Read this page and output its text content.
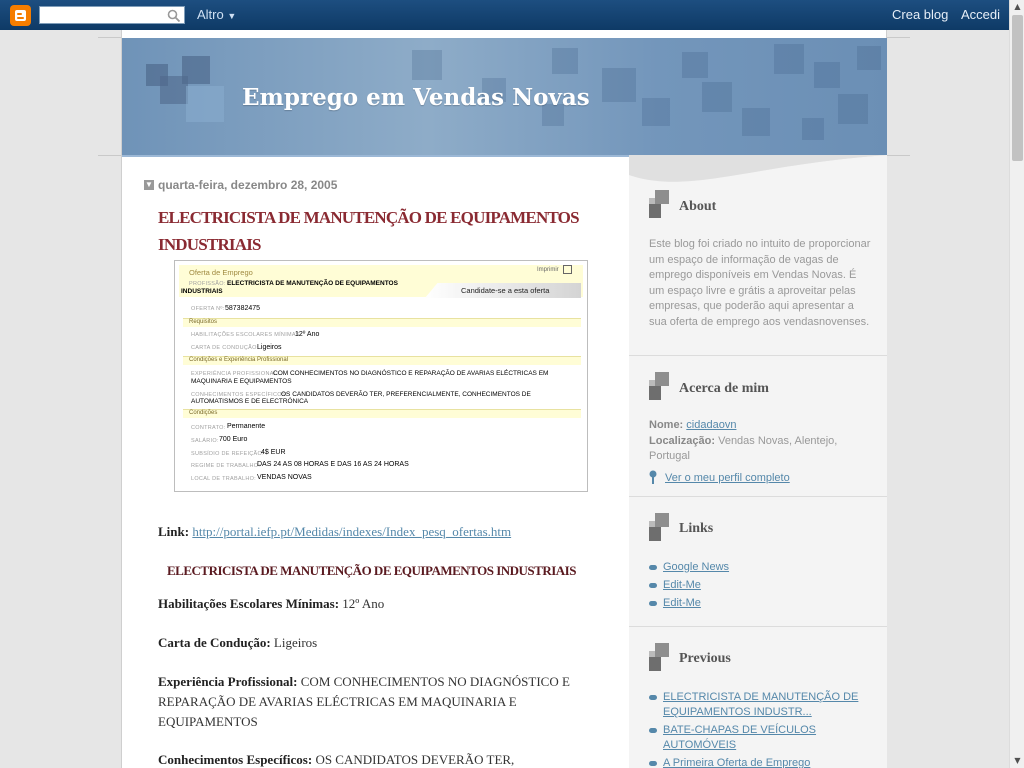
Altro ▼	Crea blog Accedi
▲
▼
Emprego em Vendas Novas
▼ quarta-feira, dezembro 28, 2005
ELECTRICISTA DE MANUTENÇÃO DE EQUIPAMENTOS INDUSTRIAIS
Oferta de Emprego	Imprimir
PROFISSÃO: ELECTRICISTA DE MANUTENÇÃO DE EQUIPAMENTOS
INDUSTRIAIS	Candidate-se a esta oferta
OFERTA Nº: 587382475
Requisitos
HABILITAÇÕES ESCOLARES MÍNIMAS:
12º Ano
CARTA DE CONDUÇÃO:
Ligeiros
Condições e Experiência Profissional
EXPERIÊNCIA PROFISSIONAL:
COM CONHECIMENTOS NO DIAGNÓSTICO E REPARAÇÃO DE AVARIAS ELÉCTRICAS EM
MAQUINARIA E EQUIPAMENTOS
CONHECIMENTOS ESPECÍFICOS:
OS CANDIDATOS DEVERÃO TER, PREFERENCIALMENTE, CONHECIMENTOS DE
AUTOMATISMOS E DE ELECTRÓNICA
Condições
CONTRATO: Permanente
SALÁRIO: 700 Euro
SUBSÍDIO DE REFEIÇÃO:
4$ EUR
REGIME DE TRABALHO:
DAS 24 AS 08 HORAS E DAS 16 AS 24 HORAS
LOCAL DE TRABALHO: VENDAS NOVAS
Link: http://portal.iefp.pt/Medidas/indexes/Index_pesq_ofertas.htm
ELECTRICISTA DE MANUTENÇÃO DE EQUIPAMENTOS INDUSTRIAIS
Habilitações Escolares Mínimas: 12º Ano
Carta de Condução: Ligeiros
Experiência Profissional: COM CONHECIMENTOS NO DIAGNÓSTICO E REPARAÇÃO DE AVARIAS ELÉCTRICAS EM MAQUINARIA E EQUIPAMENTOS
Conhecimentos Específicos: OS CANDIDATOS DEVERÃO TER,
About
Este blog foi criado no intuito de proporcionar um espaço de informação de vagas de emprego disponíveis em Vendas Novas. É um espaço livre e grátis a aproveitar pelas empresas, que poderão aqui apresentar a sua oferta de emprego aos vendasnovenses.
Acerca de mim
Nome: cidadaovn
Localização: Vendas Novas, Alentejo, Portugal
Ver o meu perfil completo
Links
Google News
Edit-Me
Edit-Me
Previous
ELECTRICISTA DE MANUTENÇÃO DE EQUIPAMENTOS INDUSTR...
BATE-CHAPAS DE VEÍCULOS AUTOMÓVEIS
A Primeira Oferta de Emprego
